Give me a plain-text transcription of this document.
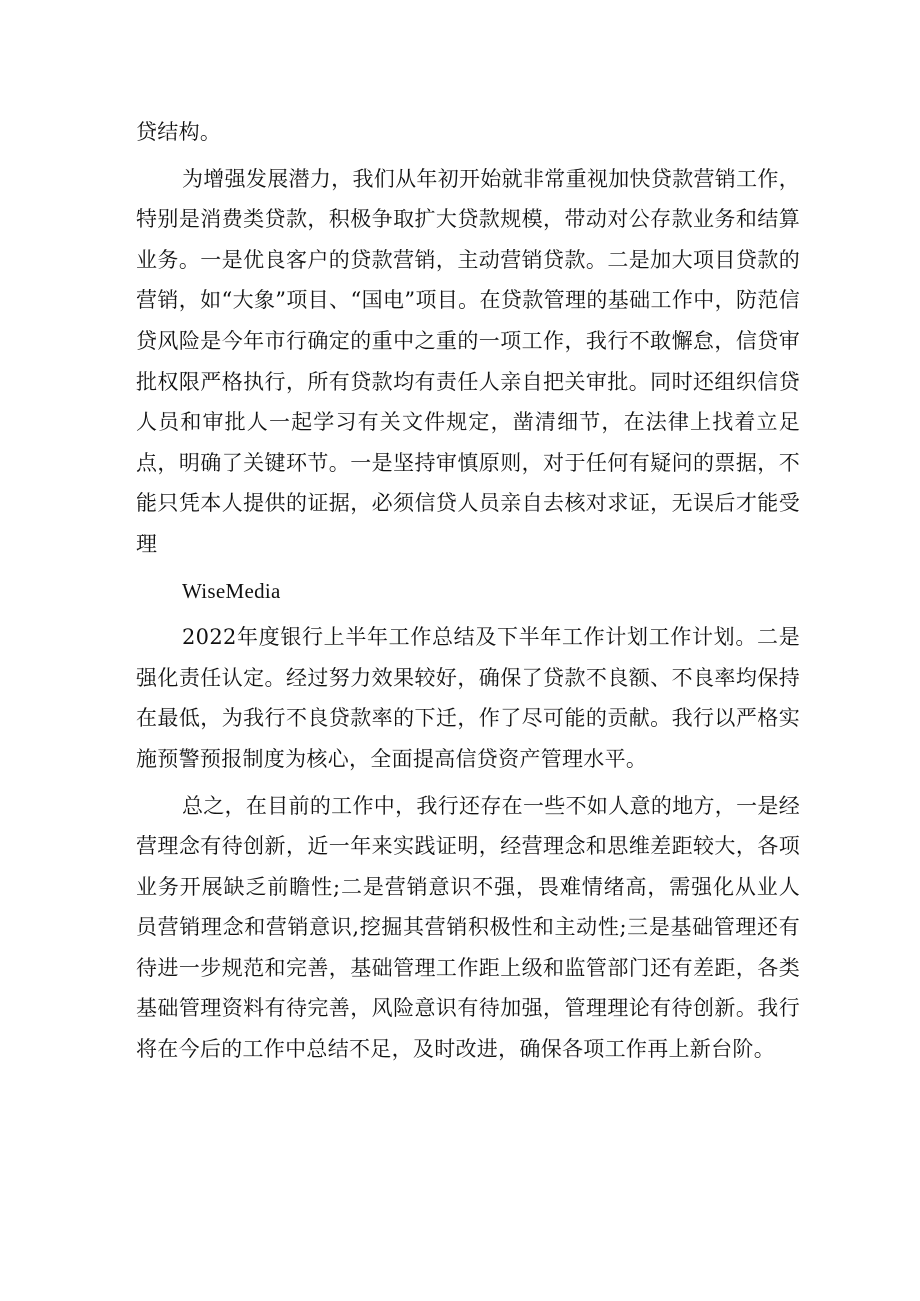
贷结构。

为增强发展潜力，我们从年初开始就非常重视加快贷款营销工作，特别是消费类贷款，积极争取扩大贷款规模，带动对公存款业务和结算业务。一是优良客户的贷款营销，主动营销贷款。二是加大项目贷款的营销，如“大象”项目、“国电”项目。在贷款管理的基础工作中，防范信贷风险是今年市行确定的重中之重的一项工作，我行不敢懈怠，信贷审批权限严格执行，所有贷款均有责任人亲自把关审批。同时还组织信贷人员和审批人一起学习有关文件规定，凿清细节，在法律上找着立足点，明确了关键环节。一是坚持审慎原则，对于任何有疑问的票据，不能只凭本人提供的证据，必须信贷人员亲自去核对求证，无误后才能受理

WiseMedia

2022年度银行上半年工作总结及下半年工作计划工作计划。二是强化责任认定。经过努力效果较好，确保了贷款不良额、不良率均保持在最低，为我行不良贷款率的下迁，作了尽可能的贡献。我行以严格实施预警预报制度为核心，全面提高信贷资产管理水平。

总之，在目前的工作中，我行还存在一些不如人意的地方，一是经营理念有待创新，近一年来实践证明，经营理念和思维差距较大，各项业务开展缺乏前瞻性;二是营销意识不强，畏难情绪高，需强化从业人员营销理念和营销意识,挖掘其营销积极性和主动性;三是基础管理还有待进一步规范和完善，基础管理工作距上级和监管部门还有差距，各类基础管理资料有待完善，风险意识有待加强，管理理论有待创新。我行将在今后的工作中总结不足，及时改进，确保各项工作再上新台阶。
